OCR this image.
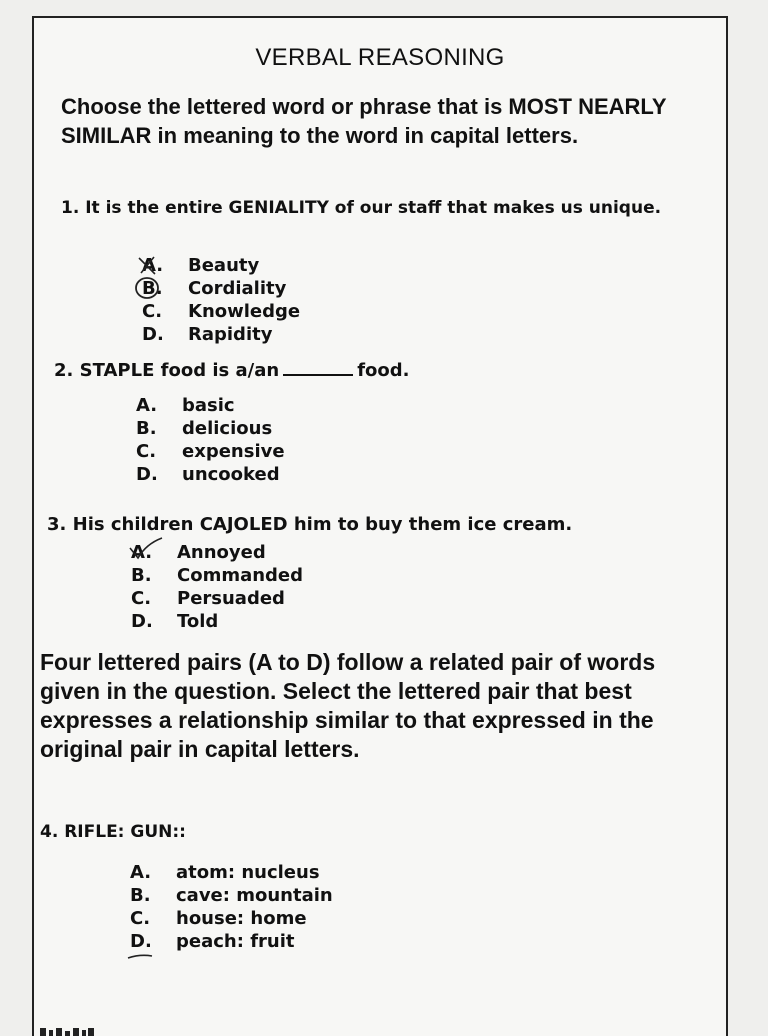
VERBAL REASONING
Choose the lettered word or phrase that is MOST NEARLY SIMILAR in meaning to the word in capital letters.
1. It is the entire GENIALITY of our staff that makes us unique.
A.	Beauty
B.	Cordiality
C.	Knowledge
D.	Rapidity
2. STAPLE food is a/an	food.
A.	basic
B.	delicious
C.	expensive
D.	uncooked
3. His children CAJOLED him to buy them ice cream.
A.	Annoyed
B.	Commanded
C.	Persuaded
D.	Told
Four lettered pairs (A to D) follow a related pair of words given in the question. Select the lettered pair that best expresses a relationship similar to that expressed in the original pair in capital letters.
4. RIFLE: GUN::
A.	atom: nucleus
B.	cave: mountain
C.	house: home
D.	peach: fruit
